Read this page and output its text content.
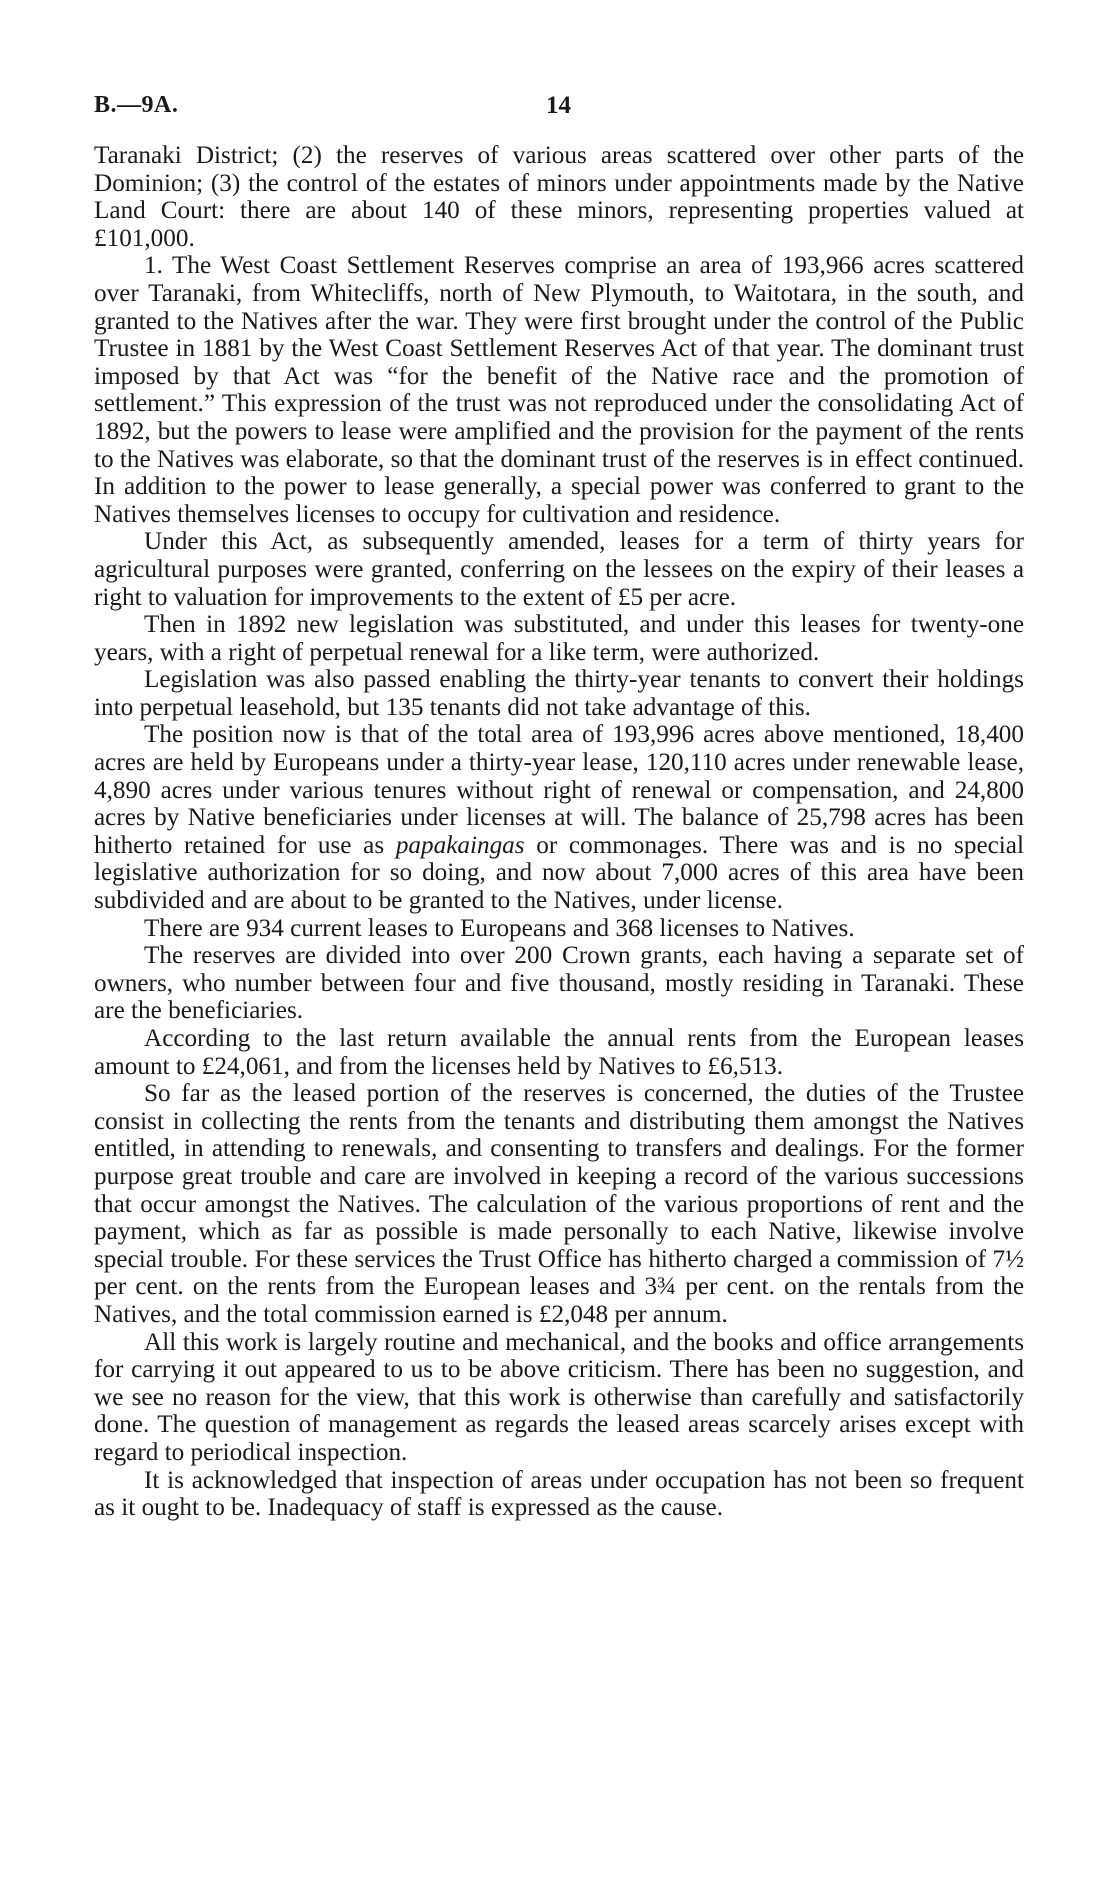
B.—9A.	14

Taranaki District; (2) the reserves of various areas scattered over other parts of the Dominion; (3) the control of the estates of minors under appointments made by the Native Land Court: there are about 140 of these minors, representing properties valued at £101,000.

1. The West Coast Settlement Reserves comprise an area of 193,966 acres scattered over Taranaki, from Whitecliffs, north of New Plymouth, to Waitotara, in the south, and granted to the Natives after the war. They were first brought under the control of the Public Trustee in 1881 by the West Coast Settlement Reserves Act of that year. The dominant trust imposed by that Act was “for the benefit of the Native race and the promotion of settlement.” This expression of the trust was not reproduced under the consolidating Act of 1892, but the powers to lease were amplified and the provision for the payment of the rents to the Natives was elaborate, so that the dominant trust of the reserves is in effect continued. In addition to the power to lease generally, a special power was conferred to grant to the Natives themselves licenses to occupy for cultivation and residence.

Under this Act, as subsequently amended, leases for a term of thirty years for agricultural purposes were granted, conferring on the lessees on the expiry of their leases a right to valuation for improvements to the extent of £5 per acre.

Then in 1892 new legislation was substituted, and under this leases for twenty-one years, with a right of perpetual renewal for a like term, were authorized.

Legislation was also passed enabling the thirty-year tenants to convert their holdings into perpetual leasehold, but 135 tenants did not take advantage of this.

The position now is that of the total area of 193,996 acres above mentioned, 18,400 acres are held by Europeans under a thirty-year lease, 120,110 acres under renewable lease, 4,890 acres under various tenures without right of renewal or compensation, and 24,800 acres by Native beneficiaries under licenses at will. The balance of 25,798 acres has been hitherto retained for use as papakaingas or commonages. There was and is no special legislative authorization for so doing, and now about 7,000 acres of this area have been subdivided and are about to be granted to the Natives, under license.

There are 934 current leases to Europeans and 368 licenses to Natives.

The reserves are divided into over 200 Crown grants, each having a separate set of owners, who number between four and five thousand, mostly residing in Taranaki. These are the beneficiaries.

According to the last return available the annual rents from the European leases amount to £24,061, and from the licenses held by Natives to £6,513.

So far as the leased portion of the reserves is concerned, the duties of the Trustee consist in collecting the rents from the tenants and distributing them amongst the Natives entitled, in attending to renewals, and consenting to transfers and dealings. For the former purpose great trouble and care are involved in keeping a record of the various successions that occur amongst the Natives. The calculation of the various proportions of rent and the payment, which as far as possible is made personally to each Native, likewise involve special trouble. For these services the Trust Office has hitherto charged a commission of 7½ per cent. on the rents from the European leases and 3¾ per cent. on the rentals from the Natives, and the total commission earned is £2,048 per annum.

All this work is largely routine and mechanical, and the books and office arrangements for carrying it out appeared to us to be above criticism. There has been no suggestion, and we see no reason for the view, that this work is otherwise than carefully and satisfactorily done. The question of management as regards the leased areas scarcely arises except with regard to periodical inspection.

It is acknowledged that inspection of areas under occupation has not been so frequent as it ought to be. Inadequacy of staff is expressed as the cause.
